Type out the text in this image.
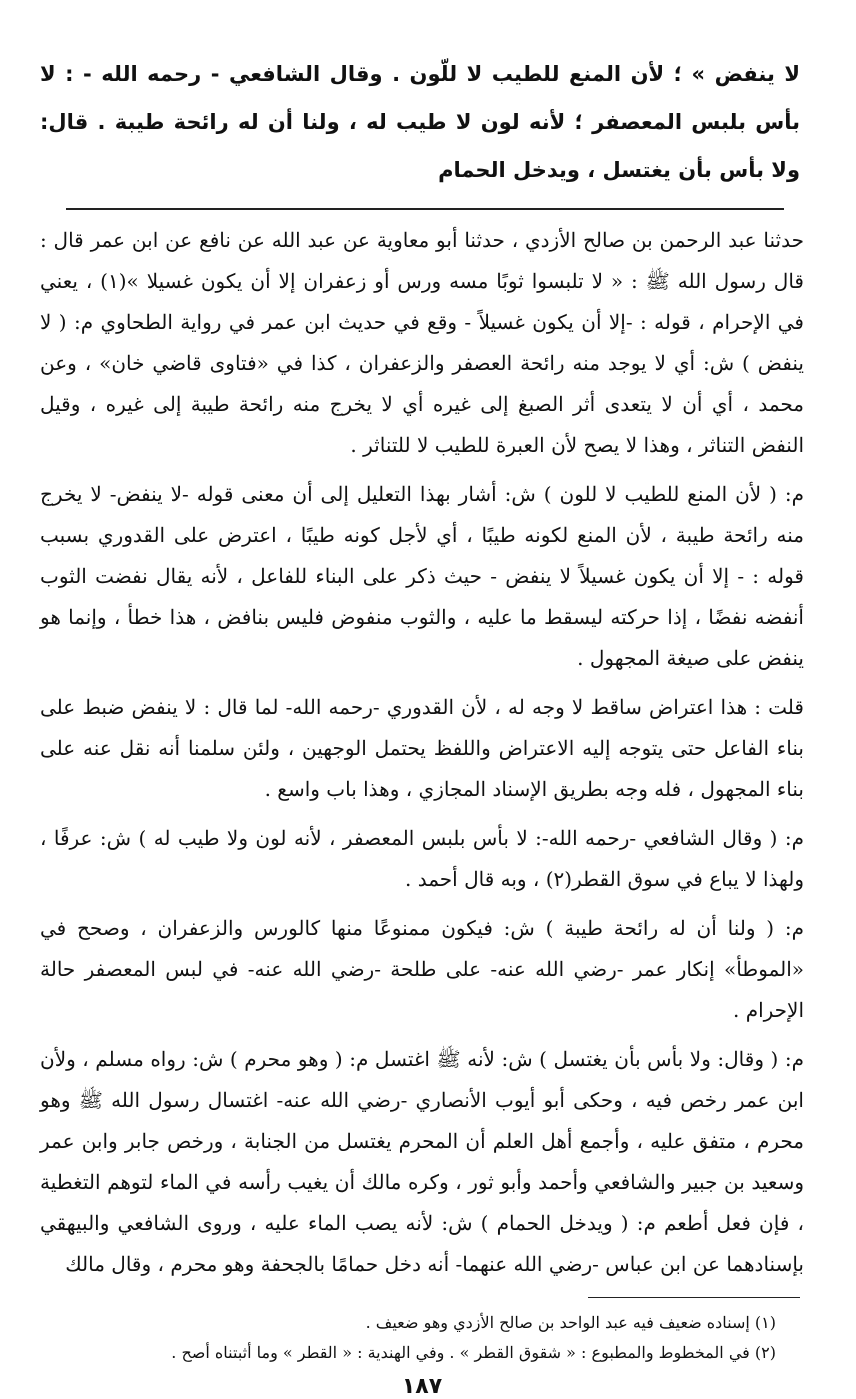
لا ينفض » ؛ لأن المنع للطيب لا للّون . وقال الشافعي - رحمه الله - : لا بأس بلبس المعصفر ؛ لأنه لون لا طيب له ، ولنا أن له رائحة طيبة . قال: ولا بأس بأن يغتسل ، ويدخل الحمام

حدثنا عبد الرحمن بن صالح الأزدي ، حدثنا أبو معاوية عن عبد الله عن نافع عن ابن عمر قال : قال رسول الله ﷺ : « لا تلبسوا ثوبًا مسه ورس أو زعفران إلا أن يكون غسيلا »(١) ، يعني في الإحرام ، قوله : -إلا أن يكون غسيلاً - وقع في حديث ابن عمر في رواية الطحاوي م: ( لا ينفض ) ش: أي لا يوجد منه رائحة العصفر والزعفران ، كذا في «فتاوى قاضي خان» ، وعن محمد ، أي أن لا يتعدى أثر الصبغ إلى غيره أي لا يخرج منه رائحة طيبة إلى غيره ، وقيل النفض التناثر ، وهذا لا يصح لأن العبرة للطيب لا للتناثر .

م: ( لأن المنع للطيب لا للون ) ش: أشار بهذا التعليل إلى أن معنى قوله -لا ينفض- لا يخرج منه رائحة طيبة ، لأن المنع لكونه طيبًا ، أي لأجل كونه طيبًا ، اعترض على القدوري بسبب قوله : - إلا أن يكون غسيلاً لا ينفض - حيث ذكر على البناء للفاعل ، لأنه يقال نفضت الثوب أنفضه نفضًا ، إذا حركته ليسقط ما عليه ، والثوب منفوض فليس بنافض ، هذا خطأ ، وإنما هو ينفض على صيغة المجهول .

قلت : هذا اعتراض ساقط لا وجه له ، لأن القدوري -رحمه الله- لما قال : لا ينفض ضبط على بناء الفاعل حتى يتوجه إليه الاعتراض واللفظ يحتمل الوجهين ، ولئن سلمنا أنه نقل عنه على بناء المجهول ، فله وجه بطريق الإسناد المجازي ، وهذا باب واسع .

م: ( وقال الشافعي -رحمه الله-: لا بأس بلبس المعصفر ، لأنه لون ولا طيب له ) ش: عرفًا ، ولهذا لا يباع في سوق القطر(٢) ، وبه قال أحمد .

م: ( ولنا أن له رائحة طيبة ) ش: فيكون ممنوعًا منها كالورس والزعفران ، وصحح في «الموطأ» إنكار عمر -رضي الله عنه- على طلحة -رضي الله عنه- في لبس المعصفر حالة الإحرام .

م: ( وقال: ولا بأس بأن يغتسل ) ش: لأنه ﷺ اغتسل م: ( وهو محرم ) ش: رواه مسلم ، ولأن ابن عمر رخص فيه ، وحكى أبو أيوب الأنصاري -رضي الله عنه- اغتسال رسول الله ﷺ وهو محرم ، متفق عليه ، وأجمع أهل العلم أن المحرم يغتسل من الجنابة ، ورخص جابر وابن عمر وسعيد بن جبير والشافعي وأحمد وأبو ثور ، وكره مالك أن يغيب رأسه في الماء لتوهم التغطية ، فإن فعل أطعم م: ( ويدخل الحمام ) ش: لأنه يصب الماء عليه ، وروى الشافعي والبيهقي بإسنادهما عن ابن عباس -رضي الله عنهما- أنه دخل حمامًا بالجحفة وهو محرم ، وقال مالك

(١) إسناده ضعيف فيه عبد الواحد بن صالح الأزدي وهو ضعيف .

(٢) في المخطوط والمطبوع : « شقوق القطر » . وفي الهندية : « القطر » وما أثبتناه أصح .

١٨٧
